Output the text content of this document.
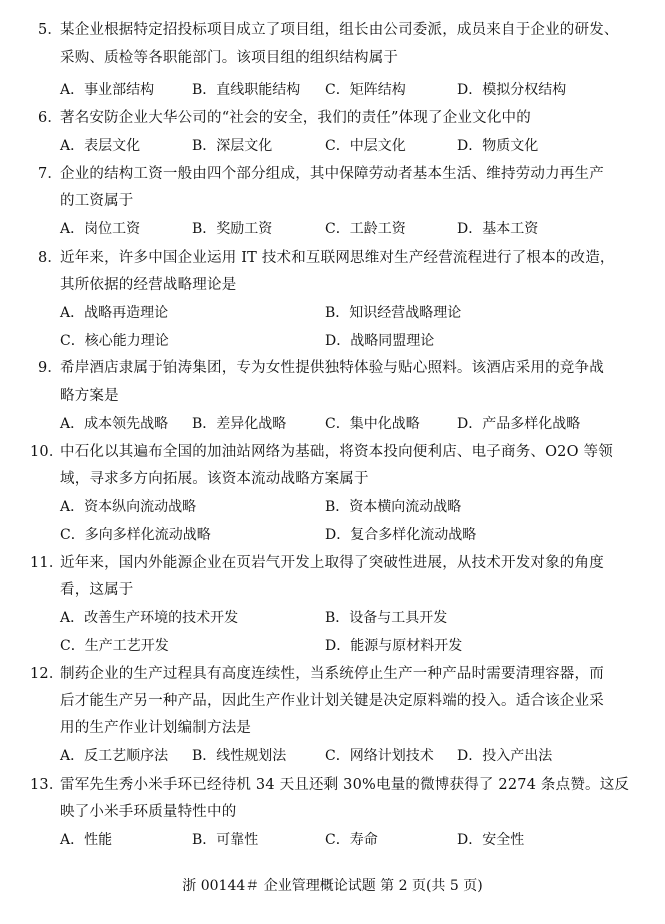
5．
某企业根据特定招投标项目成立了项目组，组长由公司委派，成员来自于企业的研发、
采购、质检等各职能部门。该项目组的组织结构属于
A．事业部结构	B．直线职能结构 C．矩阵结构	D．模拟分权结构
6．
著名安防企业大华公司的“社会的安全，我们的责任”体现了企业文化中的
A．表层文化	B．深层文化	C．中层文化	D．物质文化
7．
企业的结构工资一般由四个部分组成，其中保障劳动者基本生活、维持劳动力再生产
的工资属于
A．岗位工资	B．奖励工资	C．工龄工资	D．基本工资
8．
近年来，许多中国企业运用 IT 技术和互联网思维对生产经营流程进行了根本的改造，
其所依据的经营战略理论是
A．战略再造理论	B．知识经营战略理论
C．核心能力理论	D．战略同盟理论
9．
希岸酒店隶属于铂涛集团，专为女性提供独特体验与贴心照料。该酒店采用的竞争战
略方案是
A．成本领先战略 B．差异化战略	C．集中化战略	D．产品多样化战略
10．
中石化以其遍布全国的加油站网络为基础，将资本投向便利店、电子商务、O2O 等领
域，寻求多方向拓展。该资本流动战略方案属于
A．资本纵向流动战略	B．资本横向流动战略
C．多向多样化流动战略	D．复合多样化流动战略
11．
近年来，国内外能源企业在页岩气开发上取得了突破性进展，从技术开发对象的角度
看，这属于
A．改善生产环境的技术开发	B．设备与工具开发
C．生产工艺开发	D．能源与原材料开发
12．
制药企业的生产过程具有高度连续性，当系统停止生产一种产品时需要清理容器，而
后才能生产另一种产品，因此生产作业计划关键是决定原料端的投入。适合该企业采
用的生产作业计划编制方法是
A．反工艺顺序法 B．线性规划法	C．网络计划技术 D．投入产出法
13．
雷军先生秀小米手环已经待机 34 天且还剩 30%电量的微博获得了 2274 条点赞。这反
映了小米手环质量特性中的
A．性能	B．可靠性	C．寿命	D．安全性
浙 00144＃ 企业管理概论试题 第 2 页(共 5 页)
